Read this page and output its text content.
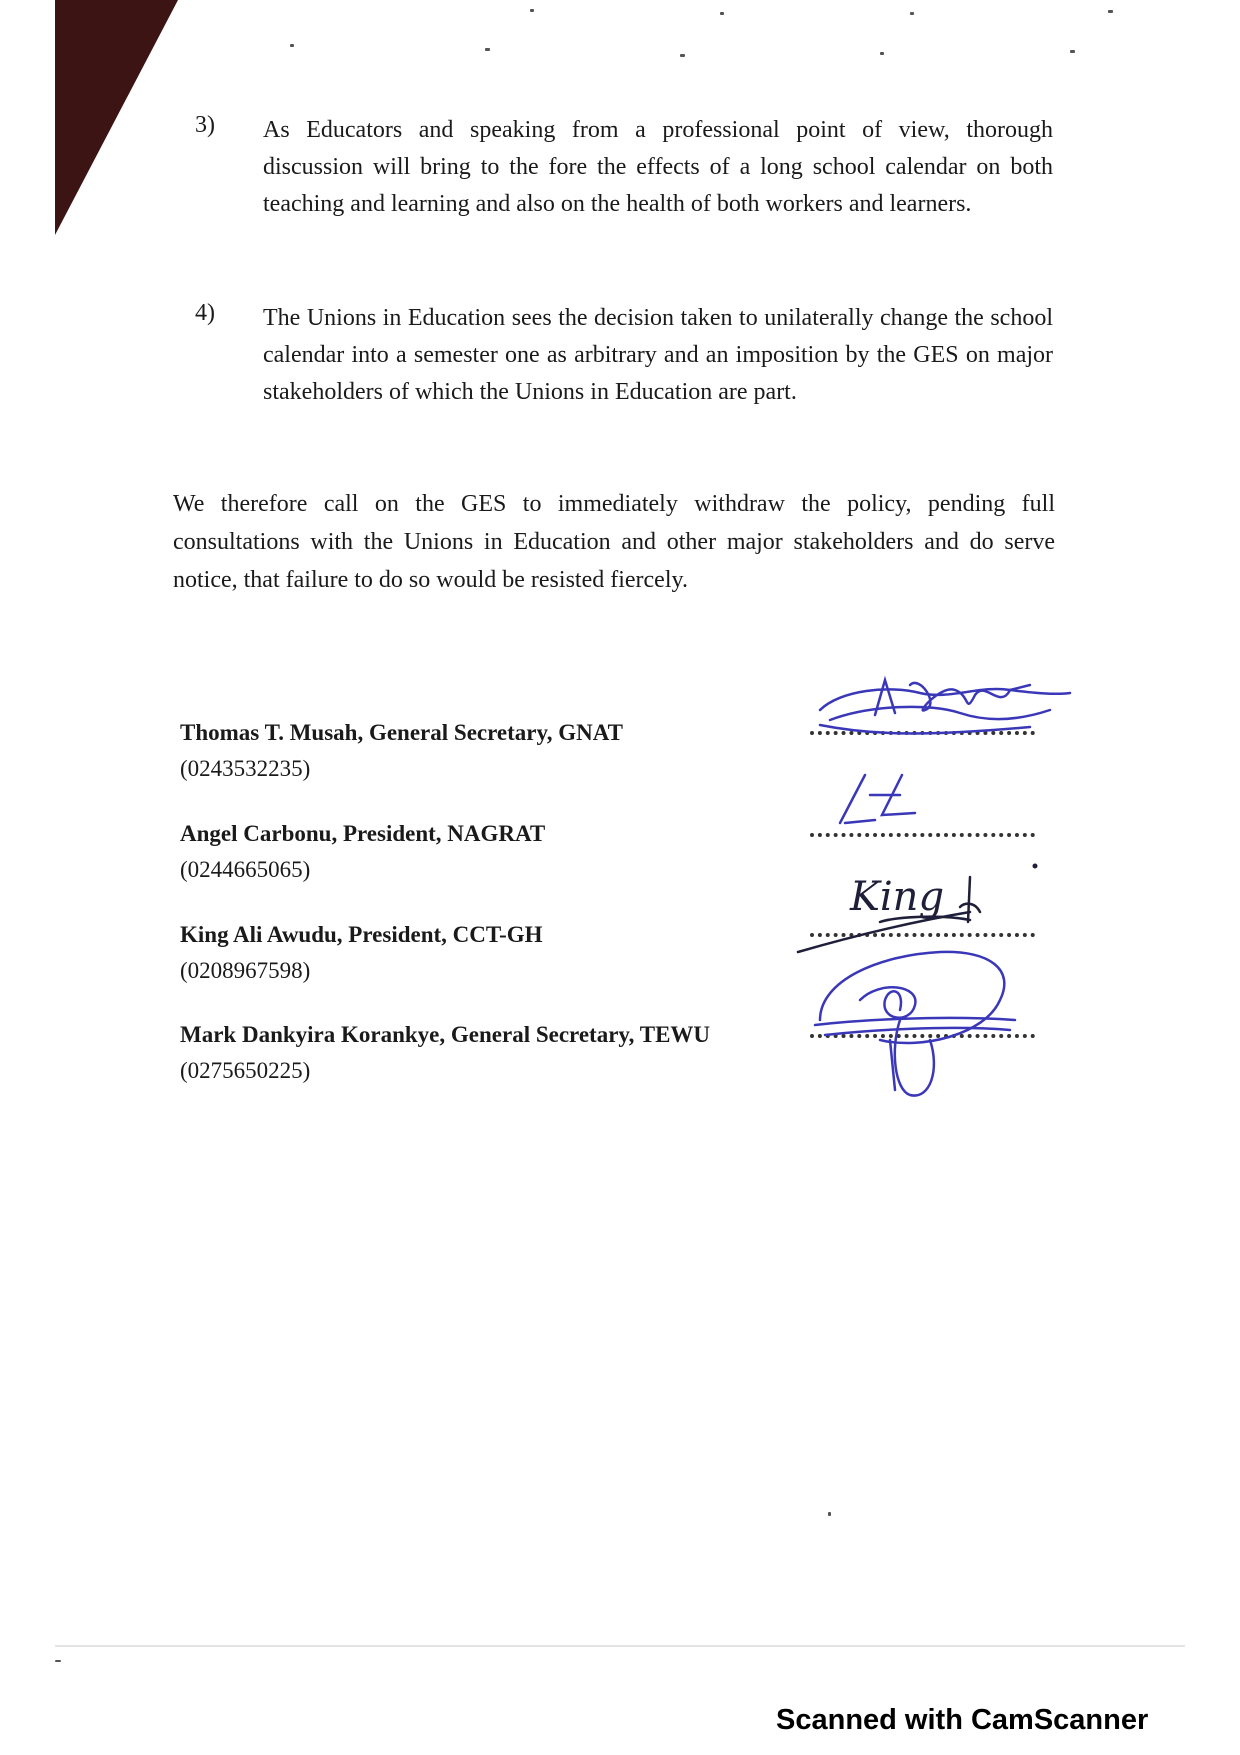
3) As Educators and speaking from a professional point of view, thorough discussion will bring to the fore the effects of a long school calendar on both teaching and learning and also on the health of both workers and learners.
4) The Unions in Education sees the decision taken to unilaterally change the school calendar into a semester one as arbitrary and an imposition by the GES on major stakeholders of which the Unions in Education are part.
We therefore call on the GES to immediately withdraw the policy, pending full consultations with the Unions in Education and other major stakeholders and do serve notice, that failure to do so would be resisted fiercely.
Thomas T. Musah, General Secretary, GNAT
(0243532235)
Angel Carbonu, President, NAGRAT
(0244665065)
King Ali Awudu, President, CCT-GH
(0208967598)
Mark Dankyira Korankye, General Secretary, TEWU
(0275650225)
King
Scanned with CamScanner
